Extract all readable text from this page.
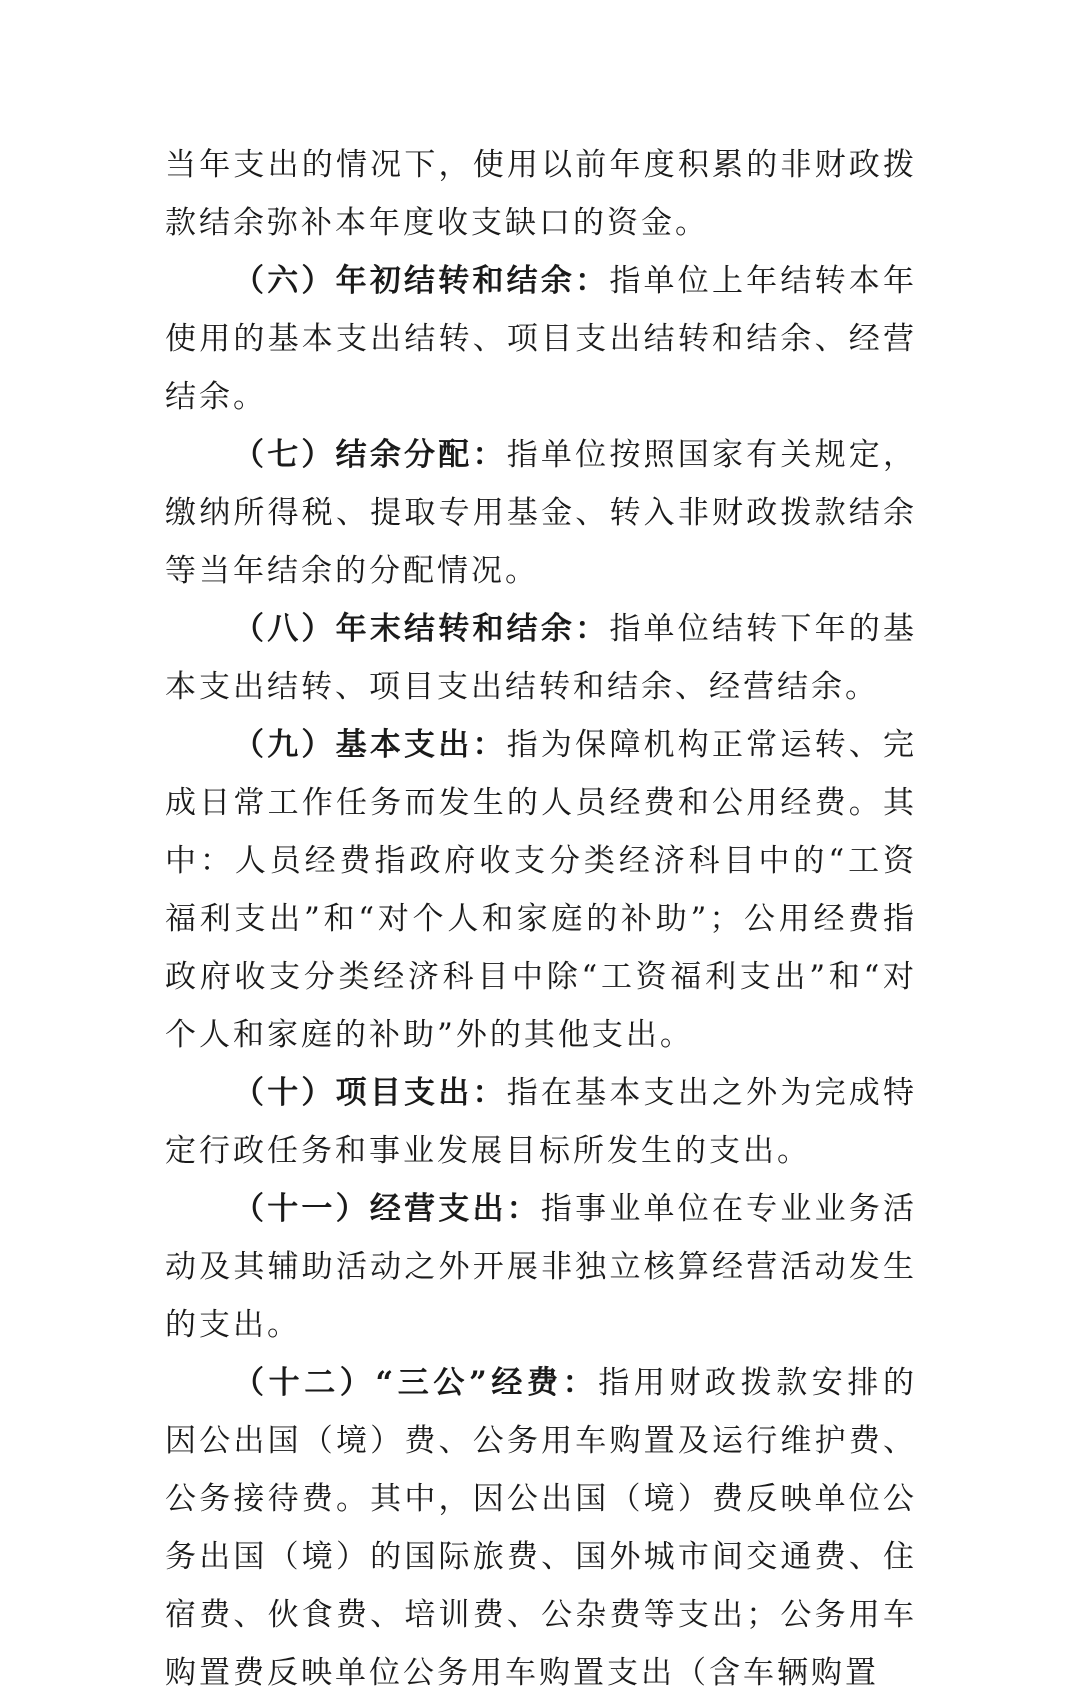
当年支出的情况下，使用以前年度积累的非财政拨款结余弥补本年度收支缺口的资金。

（六）年初结转和结余：指单位上年结转本年使用的基本支出结转、项目支出结转和结余、经营结余。

（七）结余分配：指单位按照国家有关规定，缴纳所得税、提取专用基金、转入非财政拨款结余等当年结余的分配情况。

（八）年末结转和结余：指单位结转下年的基本支出结转、项目支出结转和结余、经营结余。

（九）基本支出：指为保障机构正常运转、完成日常工作任务而发生的人员经费和公用经费。其中：人员经费指政府收支分类经济科目中的“工资福利支出”和“对个人和家庭的补助”；公用经费指政府收支分类经济科目中除“工资福利支出”和“对个人和家庭的补助”外的其他支出。

（十）项目支出：指在基本支出之外为完成特定行政任务和事业发展目标所发生的支出。

（十一）经营支出：指事业单位在专业业务活动及其辅助活动之外开展非独立核算经营活动发生的支出。

（十二）“三公”经费：指用财政拨款安排的因公出国（境）费、公务用车购置及运行维护费、公务接待费。其中，因公出国（境）费反映单位公务出国（境）的国际旅费、国外城市间交通费、住宿费、伙食费、培训费、公杂费等支出；公务用车购置费反映单位公务用车购置支出（含车辆购置
